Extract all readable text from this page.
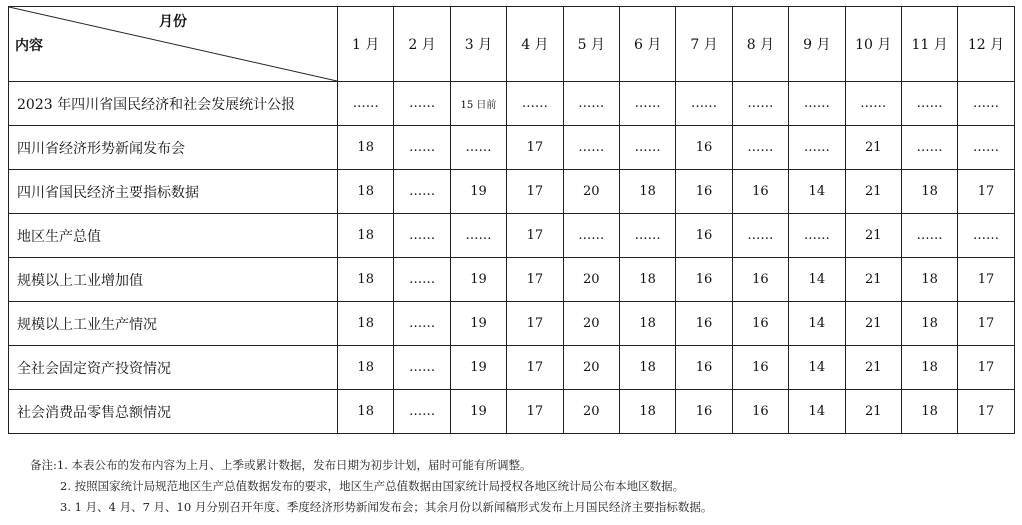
月份
内容	1 月	2 月	3 月	4 月	5 月	6 月	7 月	8 月	9 月	10 月	11 月	12 月
2023 年四川省国民经济和社会发展统计公报	……	……	15 日前	……	……	……	……	……	……	……	……	……
四川省经济形势新闻发布会	18	……	……	17	……	……	16	……	……	21	……	……
四川省国民经济主要指标数据	18	……	19	17	20	18	16	16	14	21	18	17
地区生产总值	18	……	……	17	……	……	16	……	……	21	……	……
规模以上工业增加值	18	……	19	17	20	18	16	16	14	21	18	17
规模以上工业生产情况	18	……	19	17	20	18	16	16	14	21	18	17
全社会固定资产投资情况	18	……	19	17	20	18	16	16	14	21	18	17
社会消费品零售总额情况	18	……	19	17	20	18	16	16	14	21	18	17
备注:1. 本表公布的发布内容为上月、上季或累计数据，发布日期为初步计划，届时可能有所调整。
2. 按照国家统计局规范地区生产总值数据发布的要求，地区生产总值数据由国家统计局授权各地区统计局公布本地区数据。
3. 1 月、4 月、7 月、10 月分别召开年度、季度经济形势新闻发布会；其余月份以新闻稿形式发布上月国民经济主要指标数据。
